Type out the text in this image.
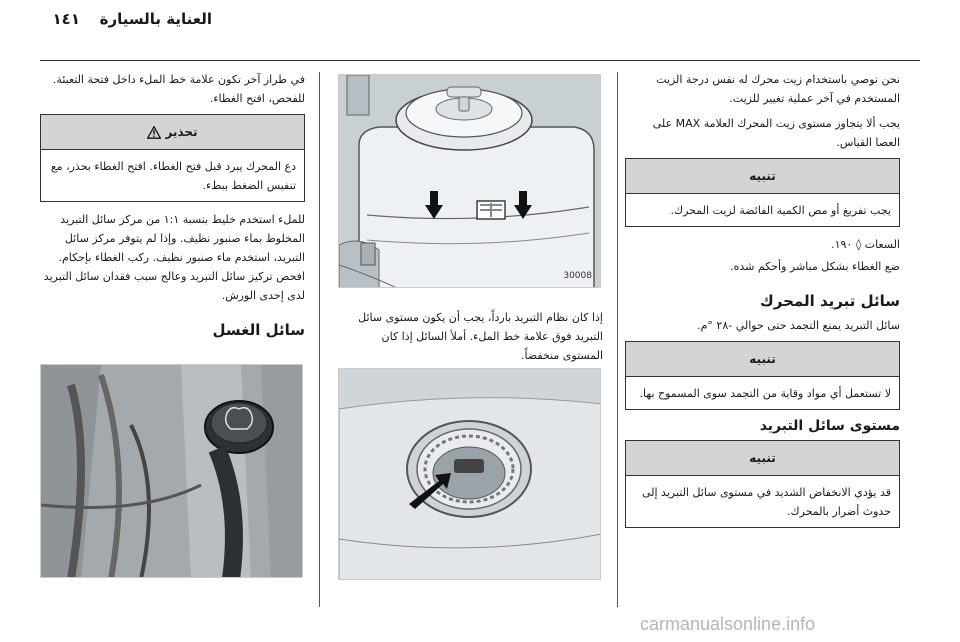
١٤١ العناية بالسيارة

نحن نوصي باستخدام زيت محرك له نفس درجة الزيت المستخدم في آخر عملية تغيير للزيت.

يجب ألا يتجاوز مستوى زيت المحرك العلامة MAX على العصا القياس.

تنبيه
يجب تفريغ أو مص الكمية الفائضة لزيت المحرك.

السعات ◊ ١٩٠.

ضع الغطاء بشكل مباشر وأحكم شده.

سائل تبريد المحرك

سائل التبريد يمنع التجمد حتى حوالي -٢٨ °م.

تنبيه
لا تستعمل أي مواد وقاية من التجمد سوى المسموح بها.
مستوى سائل التبريد
تنبيه
قد يؤدي الانخفاض الشديد في مستوى سائل التبريد إلى حدوث أضرار بالمحرك.
30008

إذا كان نظام التبريد بارداً، يجب أن يكون مستوى سائل التبريد فوق علامة خط الملء. أملأ السائل إذا كان المستوى منخفضاً.

في طراز آخر تكون علامة خط الملء داخل فتحة التعبئة. للفحص، افتح الغطاء.

تحذير
دع المحرك يبرد قبل فتح الغطاء. افتح الغطاء بحذر، مع تنفيس الضغط ببطء.

للملء استخدم خليط بنسبة ١:١ من مركز سائل التبريد المخلوط بماء صنبور نظيف. وإذا لم يتوفر مركز سائل التبريد، استخدم ماء صنبور نظيف. ركب الغطاء بإحكام. افحص تركيز سائل التبريد وعالج سبب فقدان سائل التبريد لدى إحدى الورش.

سائل الغسل
carmanualsonline.info
